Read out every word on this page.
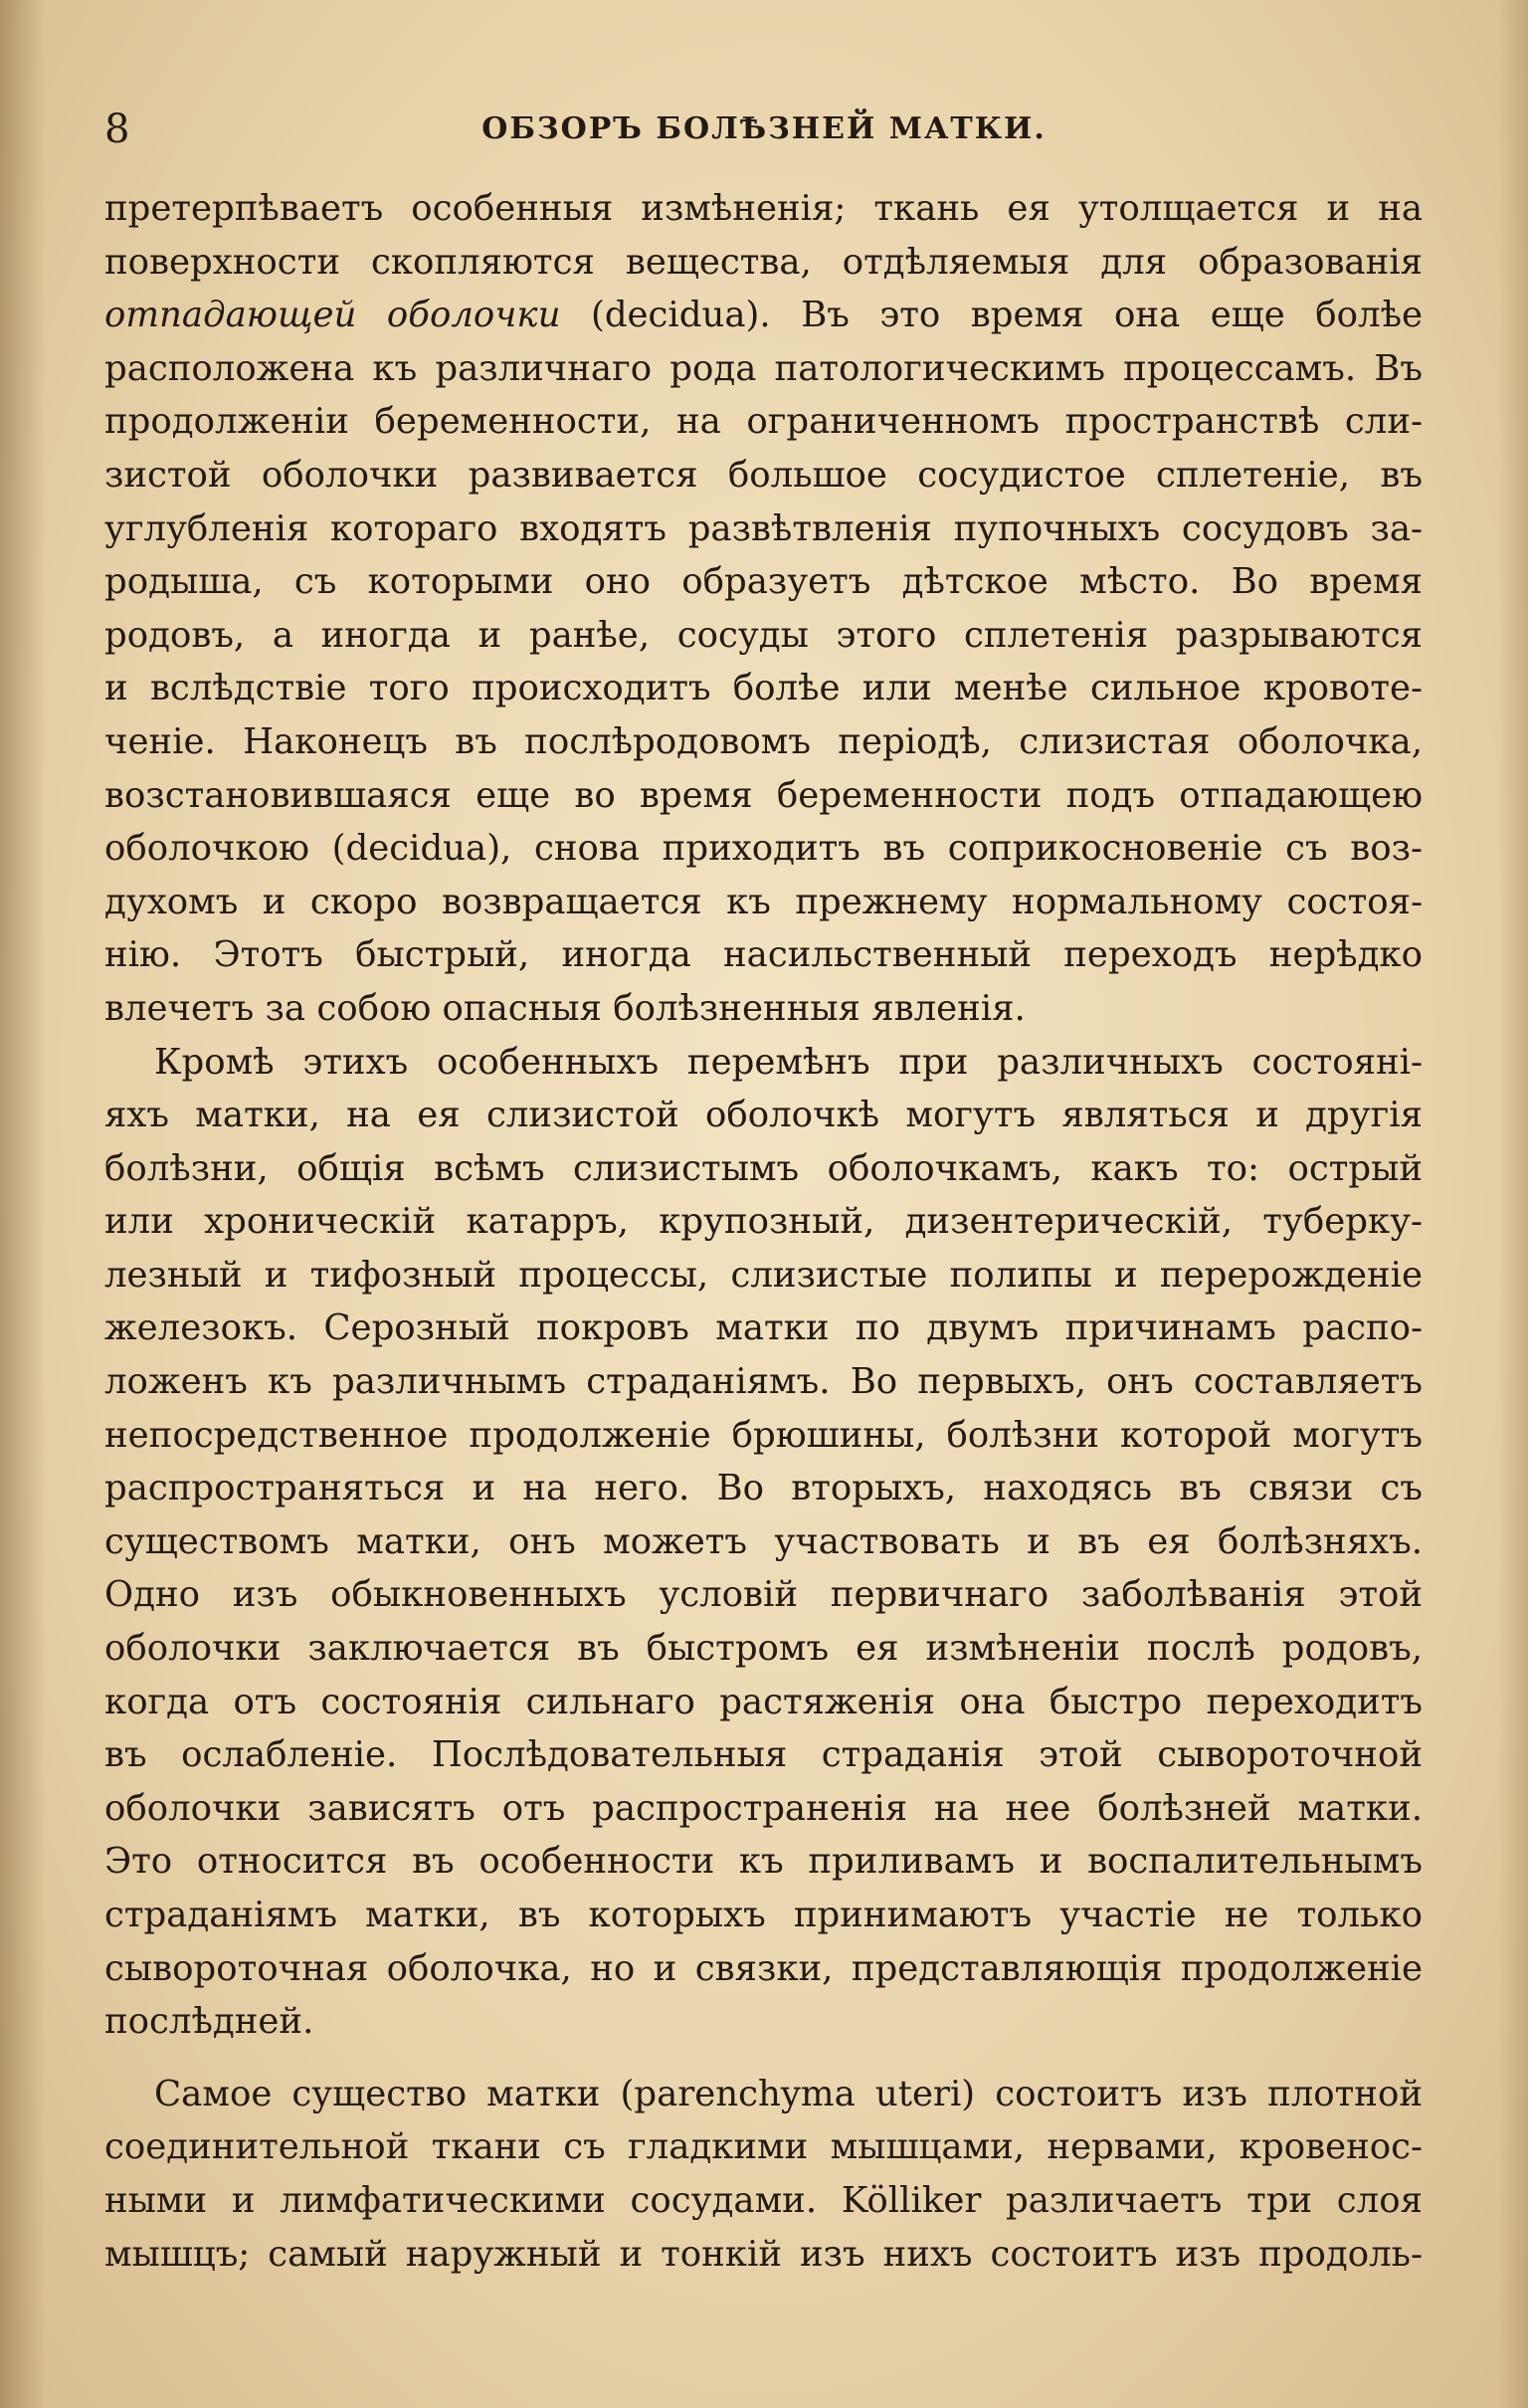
8	ОБЗОРЪ БОЛѢЗНЕЙ МАТКИ.

претерпѣваетъ особенныя измѣненія; ткань ея утолщается и на
поверхности скопляются вещества, отдѣляемыя для образованія
отпадающей оболочки (decidua). Въ это время она еще болѣе
расположена къ различнаго рода патологическимъ процессамъ. Въ
продолженіи беременности, на ограниченномъ пространствѣ сли-
зистой оболочки развивается большое сосудистое сплетеніе, въ
углубленія котораго входятъ развѣтвленія пупочныхъ сосудовъ за-
родыша, съ которыми оно образуетъ дѣтское мѣсто. Во время
родовъ, а иногда и ранѣе, сосуды этого сплетенія разрываются
и вслѣдствіе того происходитъ болѣе или менѣе сильное кровоте-
ченіе. Наконецъ въ послѣродовомъ періодѣ, слизистая оболочка,
возстановившаяся еще во время беременности подъ отпадающею
оболочкою (decidua), снова приходитъ въ соприкосновеніе съ воз-
духомъ и скоро возвращается къ прежнему нормальному состоя-
нію. Этотъ быстрый, иногда насильственный переходъ нерѣдко
влечетъ за собою опасныя болѣзненныя явленія.

Кромѣ этихъ особенныхъ перемѣнъ при различныхъ состояні-
яхъ матки, на ея слизистой оболочкѣ могутъ являться и другія
болѣзни, общія всѣмъ слизистымъ оболочкамъ, какъ то: острый
или хроническій катарръ, крупозный, дизентерическій, туберку-
лезный и тифозный процессы, слизистые полипы и перерожденіе
железокъ. Серозный покровъ матки по двумъ причинамъ распо-
ложенъ къ различнымъ страданіямъ. Во первыхъ, онъ составляетъ
непосредственное продолженіе брюшины, болѣзни которой могутъ
распространяться и на него. Во вторыхъ, находясь въ связи съ
существомъ матки, онъ можетъ участвовать и въ ея болѣзняхъ.
Одно изъ обыкновенныхъ условій первичнаго заболѣванія этой
оболочки заключается въ быстромъ ея измѣненіи послѣ родовъ,
когда отъ состоянія сильнаго растяженія она быстро переходитъ
въ ослабленіе. Послѣдовательныя страданія этой сывороточной
оболочки зависятъ отъ распространенія на нее болѣзней матки.
Это относится въ особенности къ приливамъ и воспалительнымъ
страданіямъ матки, въ которыхъ принимаютъ участіе не только
сывороточная оболочка, но и связки, представляющія продолженіе
послѣдней.

Самое существо матки (parenchyma uteri) состоитъ изъ плотной
соединительной ткани съ гладкими мышцами, нервами, кровенос-
ными и лимфатическими сосудами. Kölliker различаетъ три слоя
мышцъ; самый наружный и тонкій изъ нихъ состоитъ изъ продоль-
